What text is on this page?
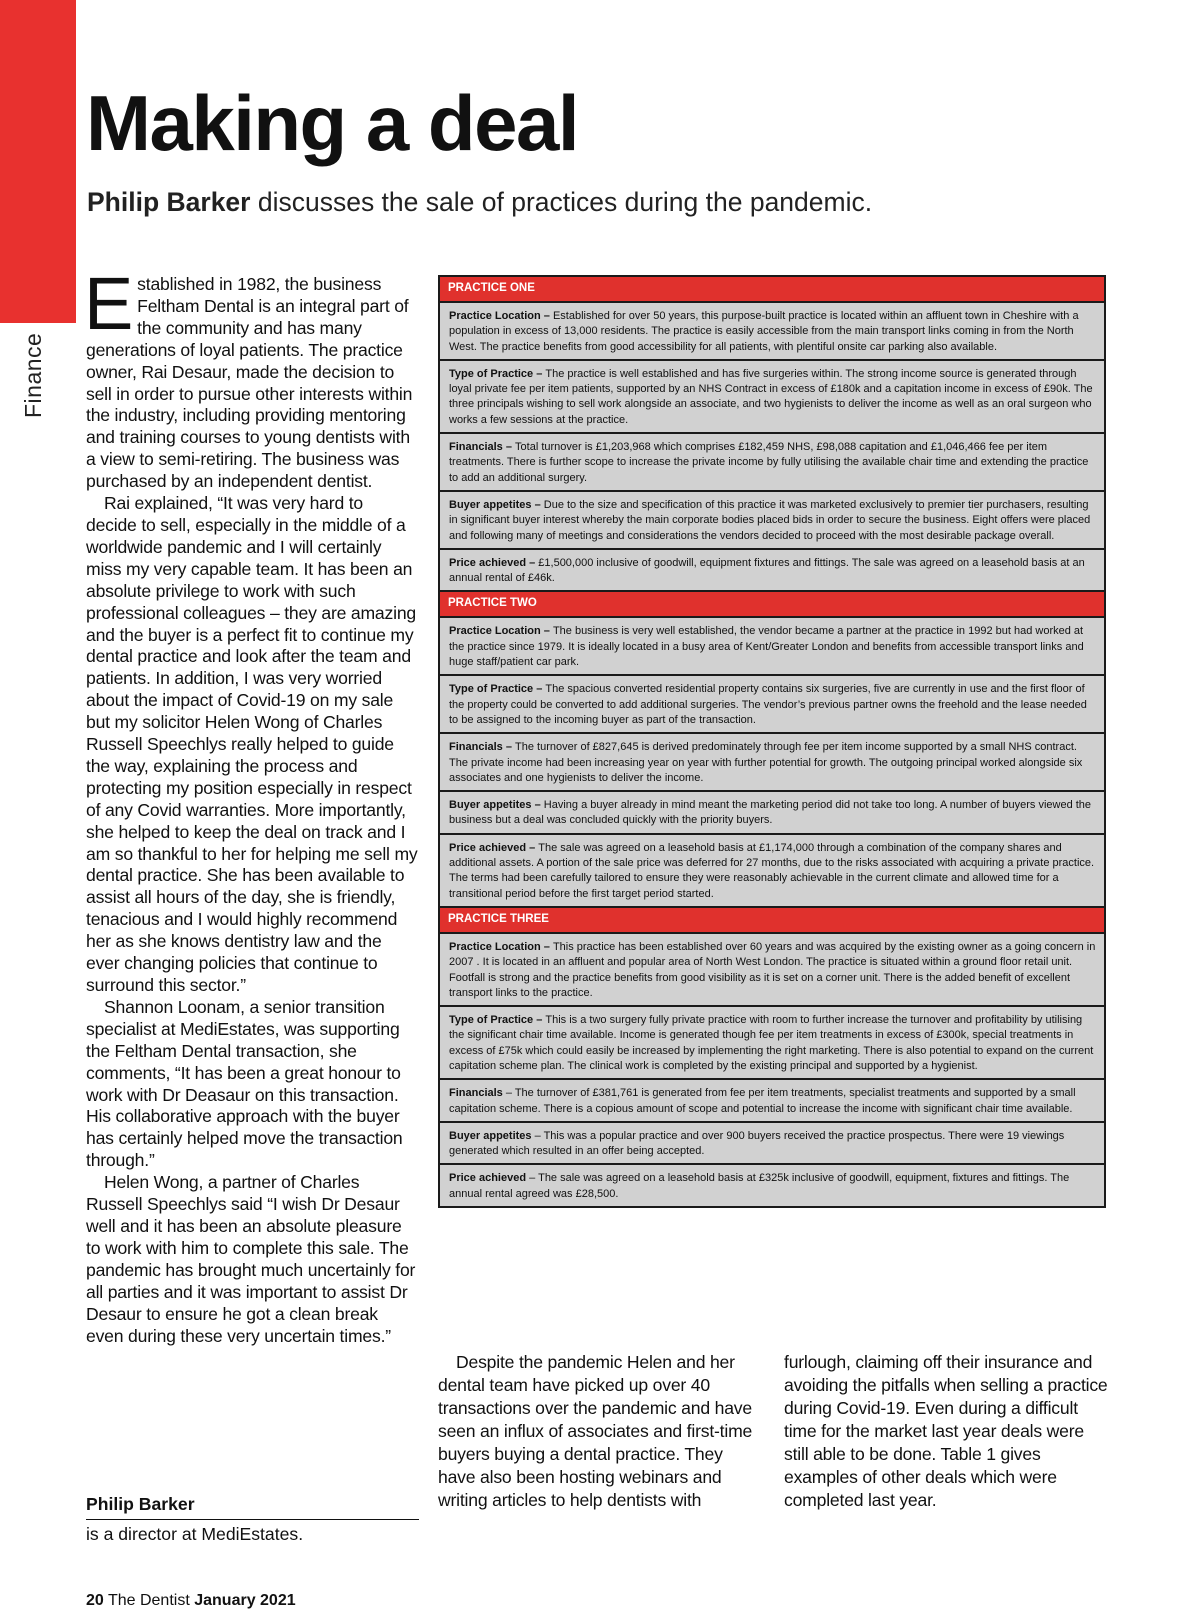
Finance
Making a deal

Philip Barker discusses the sale of practices during the pandemic.

Established in 1982, the business Feltham Dental is an integral part of the community and has many generations of loyal patients. The practice owner, Rai Desaur, made the decision to sell in order to pursue other interests within the industry, including providing mentoring and training courses to young dentists with a view to semi-retiring. The business was purchased by an independent dentist.

Rai explained, “It was very hard to decide to sell, especially in the middle of a worldwide pandemic and I will certainly miss my very capable team. It has been an absolute privilege to work with such professional colleagues – they are amazing and the buyer is a perfect fit to continue my dental practice and look after the team and patients. In addition, I was very worried about the impact of Covid-19 on my sale but my solicitor Helen Wong of Charles Russell Speechlys really helped to guide the way, explaining the process and protecting my position especially in respect of any Covid warranties. More importantly, she helped to keep the deal on track and I am so thankful to her for helping me sell my dental practice. She has been available to assist all hours of the day, she is friendly, tenacious and I would highly recommend her as she knows dentistry law and the ever changing policies that continue to surround this sector.”

Shannon Loonam, a senior transition specialist at MediEstates, was supporting the Feltham Dental transaction, she comments, “It has been a great honour to work with Dr Deasaur on this transaction. His collaborative approach with the buyer has certainly helped move the transaction through.”

Helen Wong, a partner of Charles Russell Speechlys said “I wish Dr Desaur well and it has been an absolute pleasure to work with him to complete this sale. The pandemic has brought much uncertainly for all parties and it was important to assist Dr Desaur to ensure he got a clean break even during these very uncertain times.”

Philip Barker
is a director at MediEstates.
20 The Dentist January 2021
PRACTICE ONE
Practice Location – Established for over 50 years, this purpose-built practice is located within an affluent town in Cheshire with a population in excess of 13,000 residents. The practice is easily accessible from the main transport links coming in from the North West. The practice benefits from good accessibility for all patients, with plentiful onsite car parking also available.
Type of Practice – The practice is well established and has five surgeries within. The strong income source is generated through loyal private fee per item patients, supported by an NHS Contract in excess of £180k and a capitation income in excess of £90k. The three principals wishing to sell work alongside an associate, and two hygienists to deliver the income as well as an oral surgeon who works a few sessions at the practice.
Financials – Total turnover is £1,203,968 which comprises £182,459 NHS, £98,088 capitation and £1,046,466 fee per item treatments. There is further scope to increase the private income by fully utilising the available chair time and extending the practice to add an additional surgery.
Buyer appetites – Due to the size and specification of this practice it was marketed exclusively to premier tier purchasers, resulting in significant buyer interest whereby the main corporate bodies placed bids in order to secure the business. Eight offers were placed and following many of meetings and considerations the vendors decided to proceed with the most desirable package overall.
Price achieved – £1,500,000 inclusive of goodwill, equipment fixtures and fittings. The sale was agreed on a leasehold basis at an annual rental of £46k.
PRACTICE TWO
Practice Location – The business is very well established, the vendor became a partner at the practice in 1992 but had worked at the practice since 1979. It is ideally located in a busy area of Kent/Greater London and benefits from accessible transport links and huge staff/patient car park.
Type of Practice – The spacious converted residential property contains six surgeries, five are currently in use and the first floor of the property could be converted to add additional surgeries. The vendor’s previous partner owns the freehold and the lease needed to be assigned to the incoming buyer as part of the transaction.
Financials – The turnover of £827,645 is derived predominately through fee per item income supported by a small NHS contract. The private income had been increasing year on year with further potential for growth. The outgoing principal worked alongside six associates and one hygienists to deliver the income.
Buyer appetites – Having a buyer already in mind meant the marketing period did not take too long. A number of buyers viewed the business but a deal was concluded quickly with the priority buyers.
Price achieved – The sale was agreed on a leasehold basis at £1,174,000 through a combination of the company shares and additional assets. A portion of the sale price was deferred for 27 months, due to the risks associated with acquiring a private practice. The terms had been carefully tailored to ensure they were reasonably achievable in the current climate and allowed time for a transitional period before the first target period started.
PRACTICE THREE
Practice Location – This practice has been established over 60 years and was acquired by the existing owner as a going concern in 2007 . It is located in an affluent and popular area of North West London. The practice is situated within a ground floor retail unit. Footfall is strong and the practice benefits from good visibility as it is set on a corner unit. There is the added benefit of excellent transport links to the practice.
Type of Practice – This is a two surgery fully private practice with room to further increase the turnover and profitability by utilising the significant chair time available. Income is generated though fee per item treatments in excess of £300k, special treatments in excess of £75k which could easily be increased by implementing the right marketing. There is also potential to expand on the current capitation scheme plan. The clinical work is completed by the existing principal and supported by a hygienist.
Financials – The turnover of £381,761 is generated from fee per item treatments, specialist treatments and supported by a small capitation scheme. There is a copious amount of scope and potential to increase the income with significant chair time available.
Buyer appetites – This was a popular practice and over 900 buyers received the practice prospectus. There were 19 viewings generated which resulted in an offer being accepted.
Price achieved – The sale was agreed on a leasehold basis at £325k inclusive of goodwill, equipment, fixtures and fittings. The annual rental agreed was £28,500.

Despite the pandemic Helen and her dental team have picked up over 40 transactions over the pandemic and have seen an influx of associates and first-time buyers buying a dental practice. They have also been hosting webinars and writing articles to help dentists with

furlough, claiming off their insurance and avoiding the pitfalls when selling a practice during Covid-19. Even during a difficult time for the market last year deals were still able to be done. Table 1 gives examples of other deals which were completed last year.
